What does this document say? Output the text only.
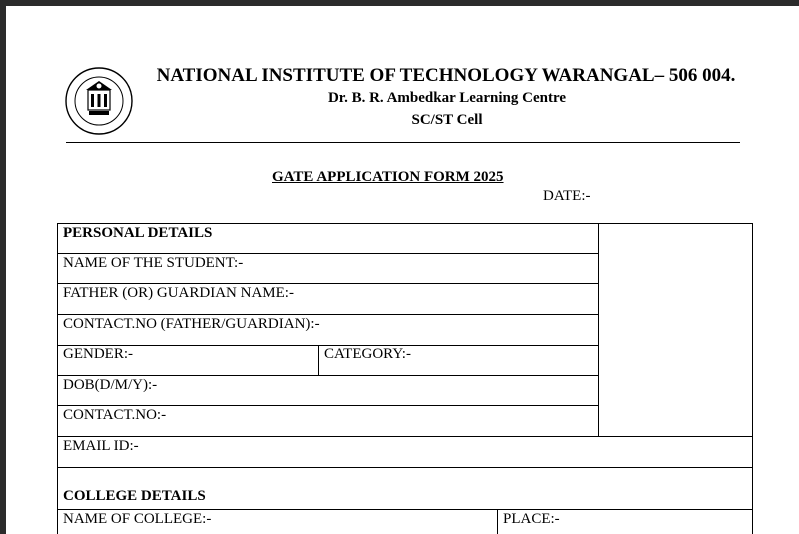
NATIONAL INSTITUTE OF TECHNOLOGY WARANGAL– 506 004.
Dr. B. R. Ambedkar Learning Centre
SC/ST Cell
GATE APPLICATION FORM 2025
DATE:-
PERSONAL DETAILS
NAME OF THE STUDENT:-
FATHER (OR) GUARDIAN NAME:-
CONTACT.NO (FATHER/GUARDIAN):-
GENDER:-	CATEGORY:-
DOB(D/M/Y):-
CONTACT.NO:-
EMAIL ID:-
COLLEGE DETAILS
NAME OF COLLEGE:-	PLACE:-
